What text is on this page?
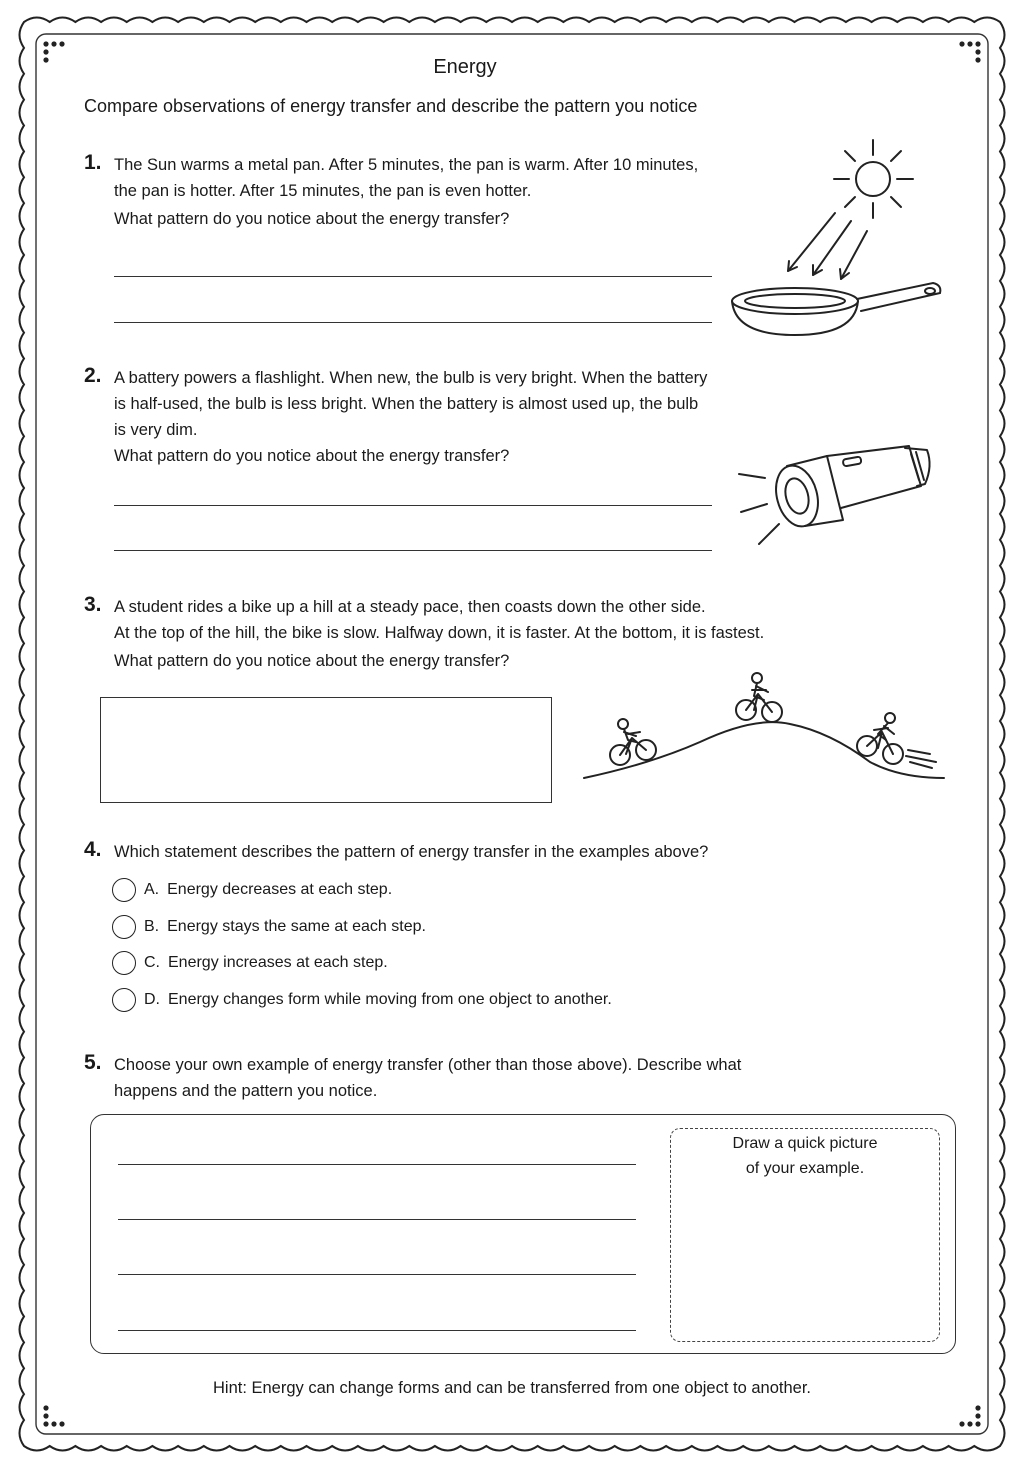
Energy
Compare observations of energy transfer and describe the pattern you notice
1. The Sun warms a metal pan. After 5 minutes, the pan is warm. After 10 minutes,
the pan is hotter. After 15 minutes, the pan is even hotter.
What pattern do you notice about the energy transfer?
2. A battery powers a flashlight. When new, the bulb is very bright. When the battery
is half-used, the bulb is less bright. When the battery is almost used up, the bulb
is very dim.
What pattern do you notice about the energy transfer?
3. A student rides a bike up a hill at a steady pace, then coasts down the other side.
At the top of the hill, the bike is slow. Halfway down, it is faster. At the bottom, it is fastest.
What pattern do you notice about the energy transfer?
4. Which statement describes the pattern of energy transfer in the examples above?
A. Energy decreases at each step.
B. Energy stays the same at each step.
C. Energy increases at each step.
D. Energy changes form while moving from one object to another.
5. Choose your own example of energy transfer (other than those above). Describe what
happens and the pattern you notice.
Draw a quick picture
of your example.
Hint: Energy can change forms and can be transferred from one object to another.
